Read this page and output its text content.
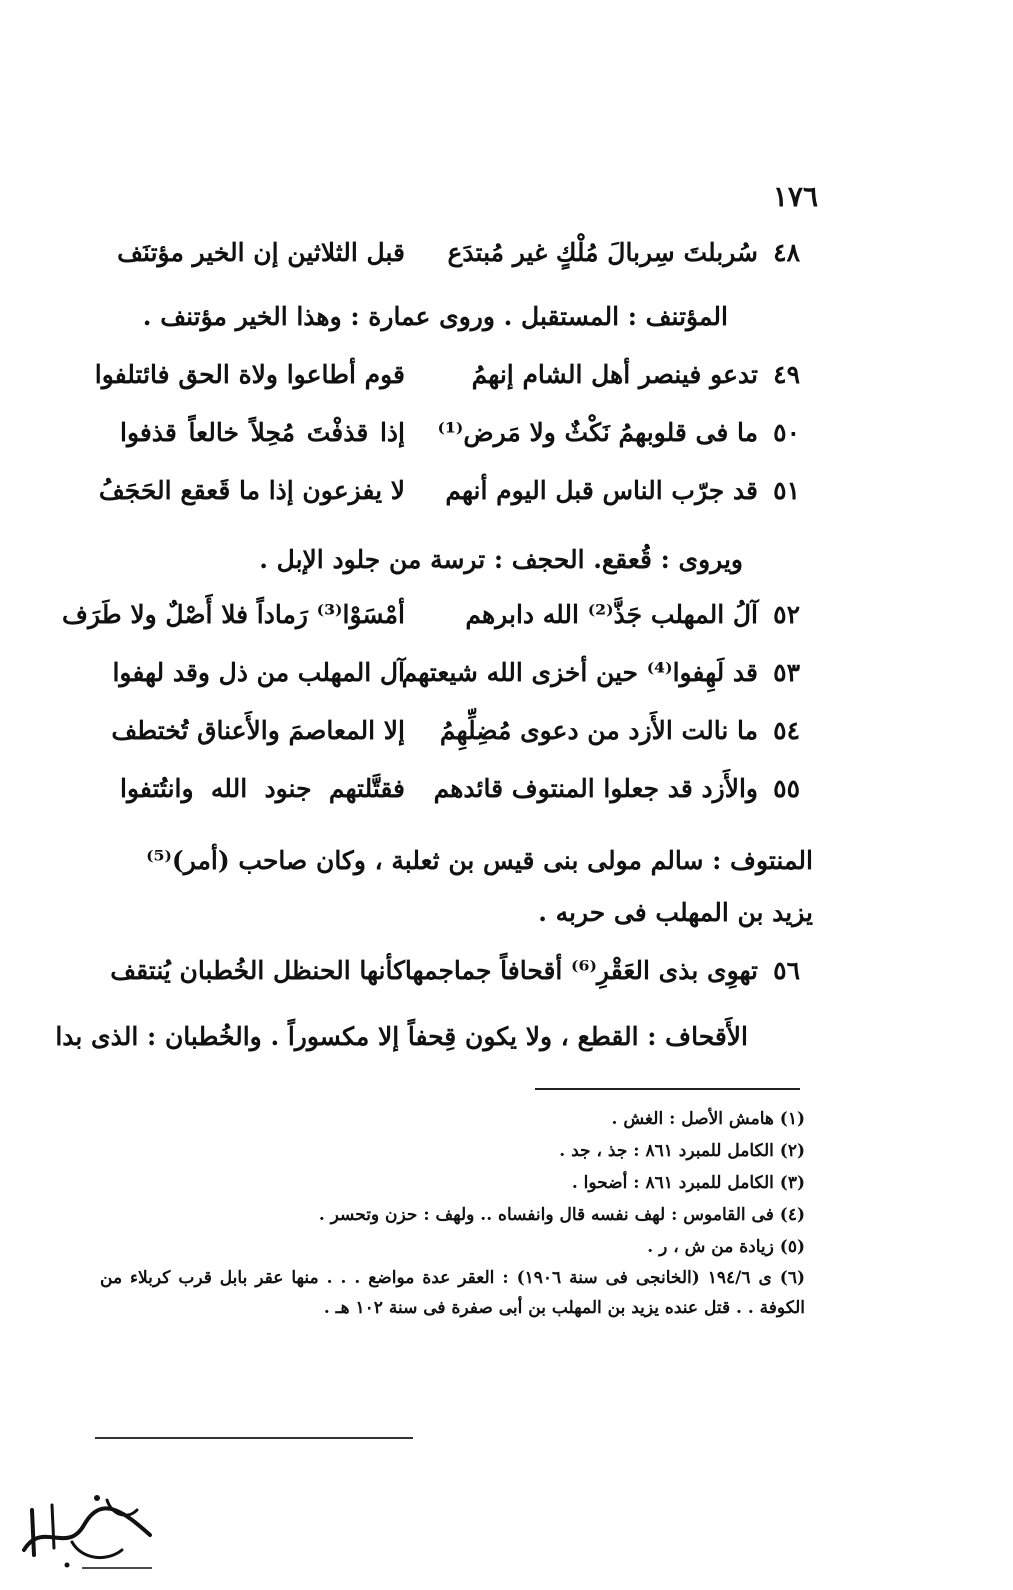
١٧٦
٤٨
سُربلتَ سِربالَ مُلْكٍ غير مُبتدَع
قبل الثلاثين إن الخير مؤتنَف
المؤتنف : المستقبل . وروى عمارة : وهذا الخير مؤتنف .
٤٩
تدعو فينصر أهل الشام إنهمُ
قوم أطاعوا ولاة الحق فائتلفوا
٥٠
ما فى قلوبهمُ نَكْثٌ ولا مَرض⁽¹⁾
إذا قذفْتَ مُحِلاً خالعاً قذفوا
٥١
قد جرّب الناس قبل اليوم أنهم
لا يفزعون إذا ما قَعقع الحَجَفُ
ويروى : قُعقع. الحجف : ترسة من جلود الإبل .
٥٢
آلُ المهلب جَذَّ⁽²⁾ الله دابرهم
أمْسَوْا⁽³⁾ رَماداً فلا أَصْلٌ ولا طَرَف
٥٣
قد لَهِفوا⁽⁴⁾ حين أخزى الله شيعتهم
آل المهلب من ذل وقد لهفوا
٥٤
ما نالت الأَزد من دعوى مُضِلِّهِمُ
إلا المعاصمَ والأَعناق تُختطف
٥٥
والأَزد قد جعلوا المنتوف قائدهم
فقتَّلتهم جنود الله وانتُتفوا
المنتوف : سالم مولى بنى قيس بن ثعلبة ، وكان صاحب (أمر)⁽⁵⁾
يزيد بن المهلب فى حربه .
٥٦
تهوِى بذى العَقْرِ⁽⁶⁾ أقحافاً جماجمها
كأنها الحنظل الخُطبان يُنتقف
الأَقحاف : القطع ، ولا يكون قِحفاً إلا مكسوراً . والخُطبان : الذى بدا
(١) هامش الأصل : الغش .
(٢) الكامل للمبرد ٨٦١ : جذ ، جد .
(٣) الكامل للمبرد ٨٦١ : أضحوا .
(٤) فى القاموس : لهف نفسه قال وانفساه .. ولهف : حزن وتحسر .
(٥) زيادة من ش ، ر .
(٦) ى ١٩٤/٦ (الخانجى فى سنة ١٩٠٦) : العقر عدة مواضع . . . منها عقر بابل قرب كربلاء من الكوفة . . قتل عنده يزيد بن المهلب بن أبى صفرة فى سنة ١٠٢ هـ .
